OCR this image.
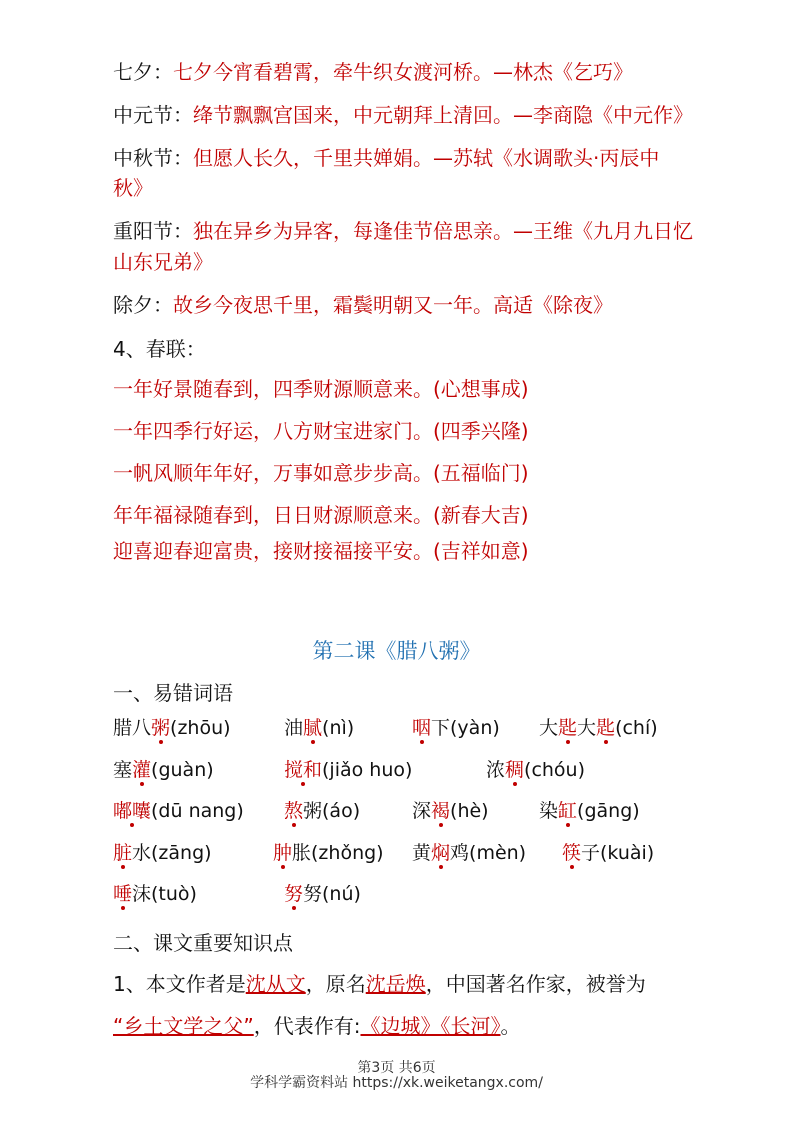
七夕：七夕今宵看碧霄，牵牛织女渡河桥。—林杰《乞巧》
中元节：绛节飘飘宫国来，中元朝拜上清回。—李商隐《中元作》
中秋节：但愿人长久，千里共婵娟。—苏轼《水调歌头·丙辰中
秋》
重阳节：独在异乡为异客，每逢佳节倍思亲。—王维《九月九日忆
山东兄弟》
除夕：故乡今夜思千里，霜鬓明朝又一年。高适《除夜》
4、春联：
一年好景随春到，四季财源顺意来。(心想事成)
一年四季行好运，八方财宝进家门。(四季兴隆)
一帆风顺年年好，万事如意步步高。(五福临门)
年年福禄随春到，日日财源顺意来。(新春大吉)
迎喜迎春迎富贵，接财接福接平安。(吉祥如意)
第二课《腊八粥》
一、易错词语
腊八粥(zhōu)	油腻(nì)	咽下(yàn) 大匙大匙(chí)
塞灌(guàn)	搅和(jiǎo huo)	浓稠(chóu)
嘟囔(dū nang) 熬粥(áo)	深褐(hè)	染缸(gāng)
脏水(zāng)	肿胀(zhǒng) 黄焖鸡(mèn) 筷子(kuài)
唾沫(tuò)	努努(nú)
二、课文重要知识点
1、本文作者是沈从文，原名沈岳焕，中国著名作家，被誉为
“乡土文学之父”，代表作有:《边城》《长河》。
第3页 共6页
学科学霸资料站 https://xk.weiketangx.com/
